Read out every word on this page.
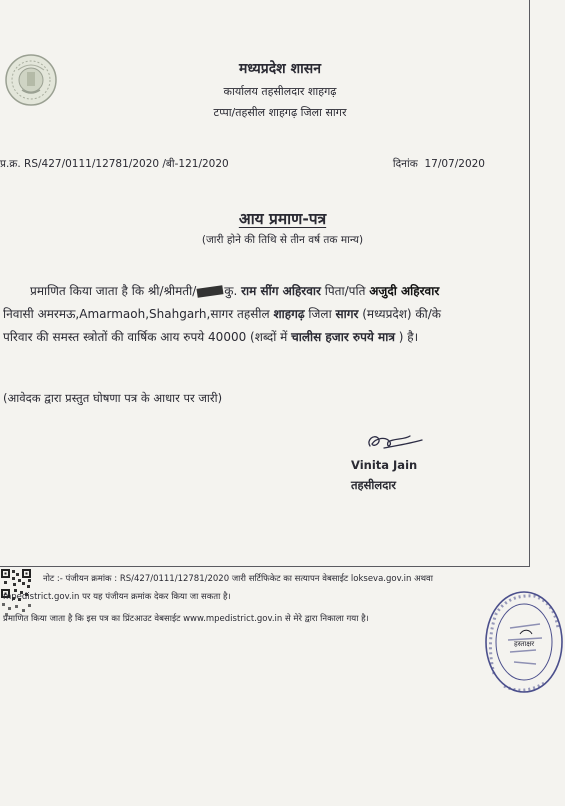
मध्यप्रदेश शासन
कार्यालय तहसीलदार शाहगढ़
टप्पा/तहसील शाहगढ़ जिला सागर
प्र.क्र. RS/427/0111/12781/2020 /बी-121/2020	दिनांक 17/07/2020
आय प्रमाण-पत्र
(जारी होने की तिथि से तीन वर्ष तक मान्य)
प्रमाणित किया जाता है कि श्री/श्रीमती/ कु. राम सींग अहिरवार पिता/पति अजुदी अहिरवार
निवासी अमरमऊ,Amarmaoh,Shahgarh,सागर तहसील शाहगढ़ जिला सागर (मध्यप्रदेश) की/के
परिवार की समस्त स्त्रोतों की वार्षिक आय रुपये 40000 (शब्दों में चालीस हजार रुपये मात्र ) है।
(आवेदक द्वारा प्रस्तुत घोषणा पत्र के आधार पर जारी)
Vinita Jain
तहसीलदार
नोट :- पंजीयन क्रमांक : RS/427/0111/12781/2020 जारी सर्टिफिकेट का सत्यापन वेबसाईट lokseva.gov.in अथवा
mpedistrict.gov.in पर यह पंजीयन क्रमांक देकर किया जा सकता है।
प्रमाणित किया जाता है कि इस पत्र का प्रिंटआउट वेबसाईट www.mpedistrict.gov.in से मेरे द्वारा निकाला गया है।
हस्ताक्षर
